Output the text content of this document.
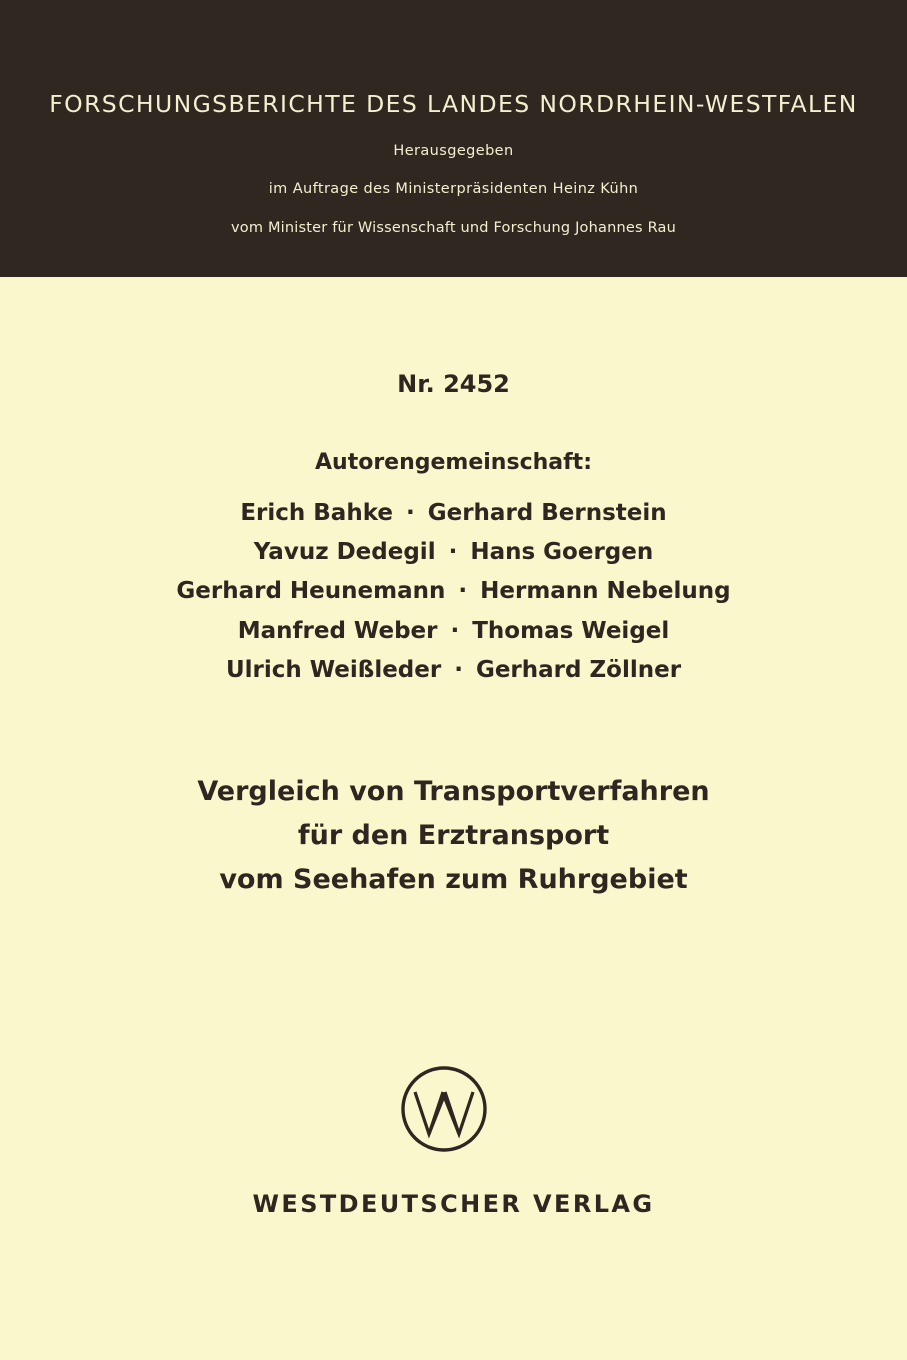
FORSCHUNGSBERICHTE DES LANDES NORDRHEIN-WESTFALEN
Herausgegeben
im Auftrage des Ministerpräsidenten Heinz Kühn
vom Minister für Wissenschaft und Forschung Johannes Rau
Nr. 2452
Autorengemeinschaft:
Erich Bahke · Gerhard Bernstein
Yavuz Dedegil · Hans Goergen
Gerhard Heunemann · Hermann Nebelung
Manfred Weber · Thomas Weigel
Ulrich Weißleder · Gerhard Zöllner
Vergleich von Transportverfahren
für den Erztransport
vom Seehafen zum Ruhrgebiet
WESTDEUTSCHER VERLAG
